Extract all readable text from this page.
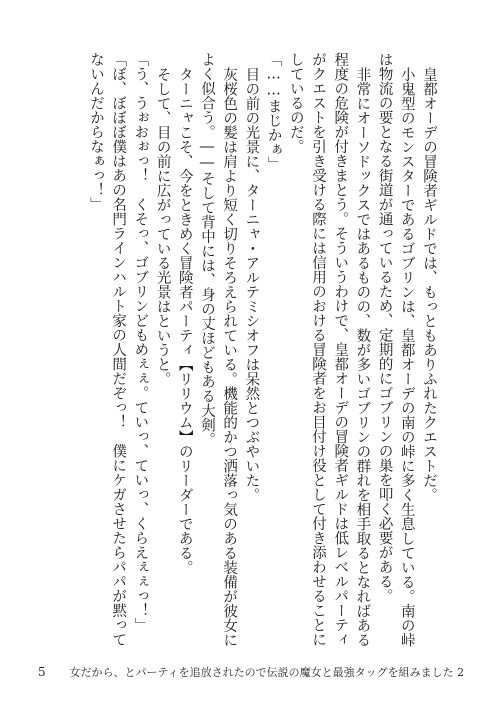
皇都オーデの冒険者ギルドでは、もっともありふれたクエストだ。

小鬼型のモンスターであるゴブリンは、皇都オーデの南の峠に多く生息している。南の峠は物流の要となる街道が通っているため、定期的にゴブリンの巣を叩く必要がある。

非常にオーソドックスではあるものの、数が多いゴブリンの群れを相手取るとなればある程度の危険が付きまとう。そういうわけで、皇都オーデの冒険者ギルドは低レベルパーティがクエストを引き受ける際には信用のおける冒険者をお目付け役として付き添わせることにしているのだ。

「……まじかぁ」

目の前の光景に、ターニャ・アルテミシオフは呆然とつぶやいた。

灰桜色の髪は肩より短く切りそろえられている。機能的かつ洒落っ気のある装備が彼女によく似合う。――そして背中には、身の丈ほどもある大剣。

ターニャこそ、今をときめく冒険者パーティ【リリウム】のリーダーである。

そして、目の前に広がっている光景はというと。

「う、うぉおぉっ！　くそっ、ゴブリンどもめぇぇ。ていっ、ていっ、くらえぇぇっ！」

「ぼ、ぼぼぼ僕はあの名門ラインハルト家の人間だぞっ！　僕にケガさせたらパパが黙ってないんだからなぁっ！」

5 女だから、とパーティを追放されたので伝説の魔女と最強タッグを組みました 2
